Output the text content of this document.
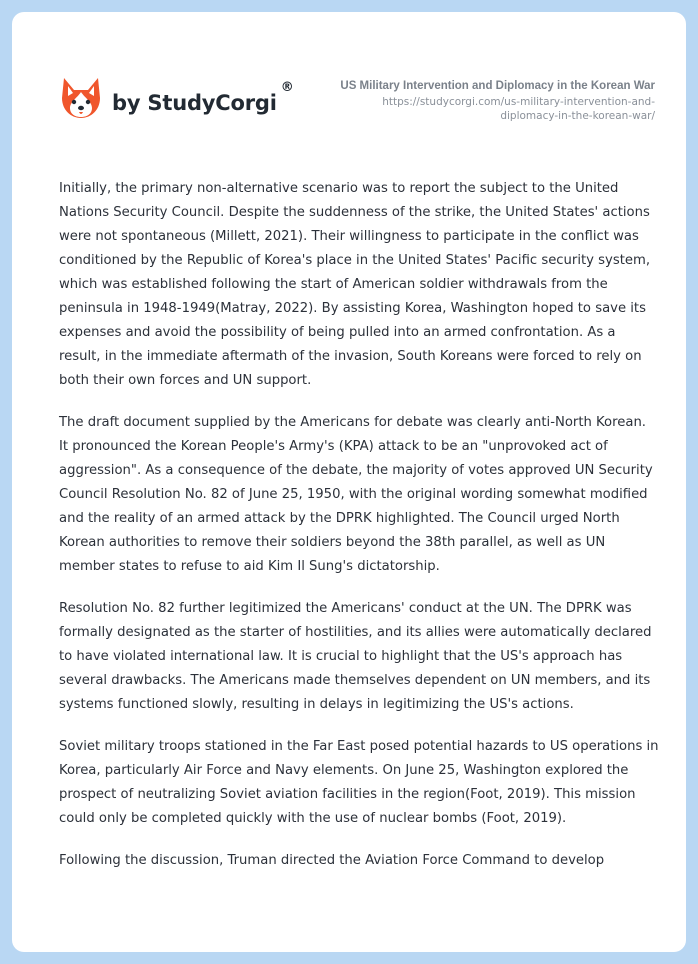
by StudyCorgi
®	US Military Intervention and Diplomacy in the Korean War
https://studycorgi.com/us-military-intervention-and-
diplomacy-in-the-korean-war/

Initially, the primary non-alternative scenario was to report the subject to the United Nations Security Council. Despite the suddenness of the strike, the United States' actions were not spontaneous (Millett, 2021). Their willingness to participate in the conflict was conditioned by the Republic of Korea's place in the United States' Pacific security system, which was established following the start of American soldier withdrawals from the peninsula in 1948-1949(Matray, 2022). By assisting Korea, Washington hoped to save its expenses and avoid the possibility of being pulled into an armed confrontation. As a result, in the immediate aftermath of the invasion, South Koreans were forced to rely on both their own forces and UN support.

The draft document supplied by the Americans for debate was clearly anti-North Korean. It pronounced the Korean People's Army's (KPA) attack to be an "unprovoked act of aggression". As a consequence of the debate, the majority of votes approved UN Security Council Resolution No. 82 of June 25, 1950, with the original wording somewhat modified and the reality of an armed attack by the DPRK highlighted. The Council urged North Korean authorities to remove their soldiers beyond the 38th parallel, as well as UN member states to refuse to aid Kim Il Sung's dictatorship.

Resolution No. 82 further legitimized the Americans' conduct at the UN. The DPRK was formally designated as the starter of hostilities, and its allies were automatically declared to have violated international law. It is crucial to highlight that the US's approach has several drawbacks. The Americans made themselves dependent on UN members, and its systems functioned slowly, resulting in delays in legitimizing the US's actions.

Soviet military troops stationed in the Far East posed potential hazards to US operations in Korea, particularly Air Force and Navy elements. On June 25, Washington explored the prospect of neutralizing Soviet aviation facilities in the region(Foot, 2019). This mission could only be completed quickly with the use of nuclear bombs (Foot, 2019).

Following the discussion, Truman directed the Aviation Force Command to develop
